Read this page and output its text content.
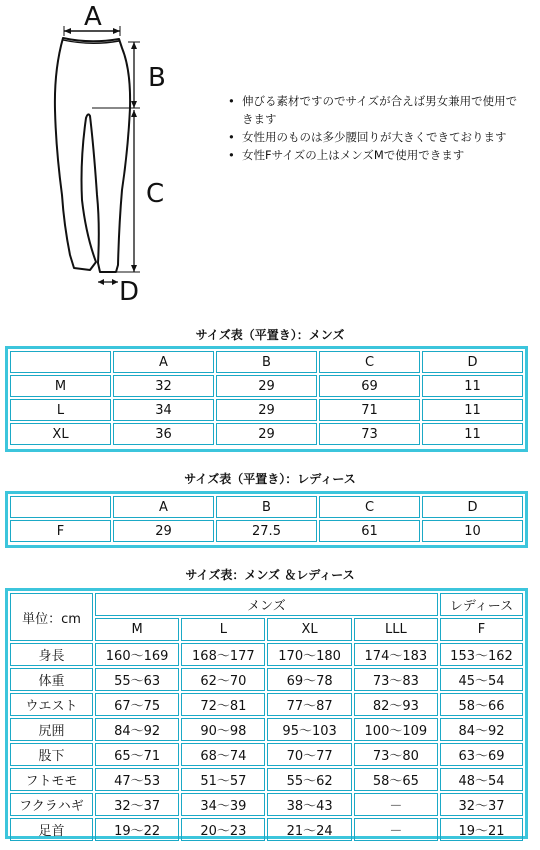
A
B
C
D
• 伸びる素材ですのでサイズが合えば男女兼用で使用できます
• 女性用のものは多少腰回りが大きくできております
• 女性Fサイズの上はメンズMで使用できます
サイズ表（平置き）：メンズ
	A	B	C	D
M	32	29	69	11
L	34	29	71	11
XL	36	29	73	11
サイズ表（平置き）：レディース
	A	B	C	D
F	29	27.5	61	10
サイズ表：メンズ ＆レディース
単位：cm	メンズ				レディース
	M	L	XL	LLL	F
身長	160〜169	168〜177	170〜180	174〜183	153〜162
体重	55〜63	62〜70	69〜78	73〜83	45〜54
ウエスト	67〜75	72〜81	77〜87	82〜93	58〜66
尻囲	84〜92	90〜98	95〜103	100〜109	84〜92
股下	65〜71	68〜74	70〜77	73〜80	63〜69
フトモモ	47〜53	51〜57	55〜62	58〜65	48〜54
フクラハギ	32〜37	34〜39	38〜43	－	32〜37
足首	19〜22	20〜23	21〜24	－	19〜21
